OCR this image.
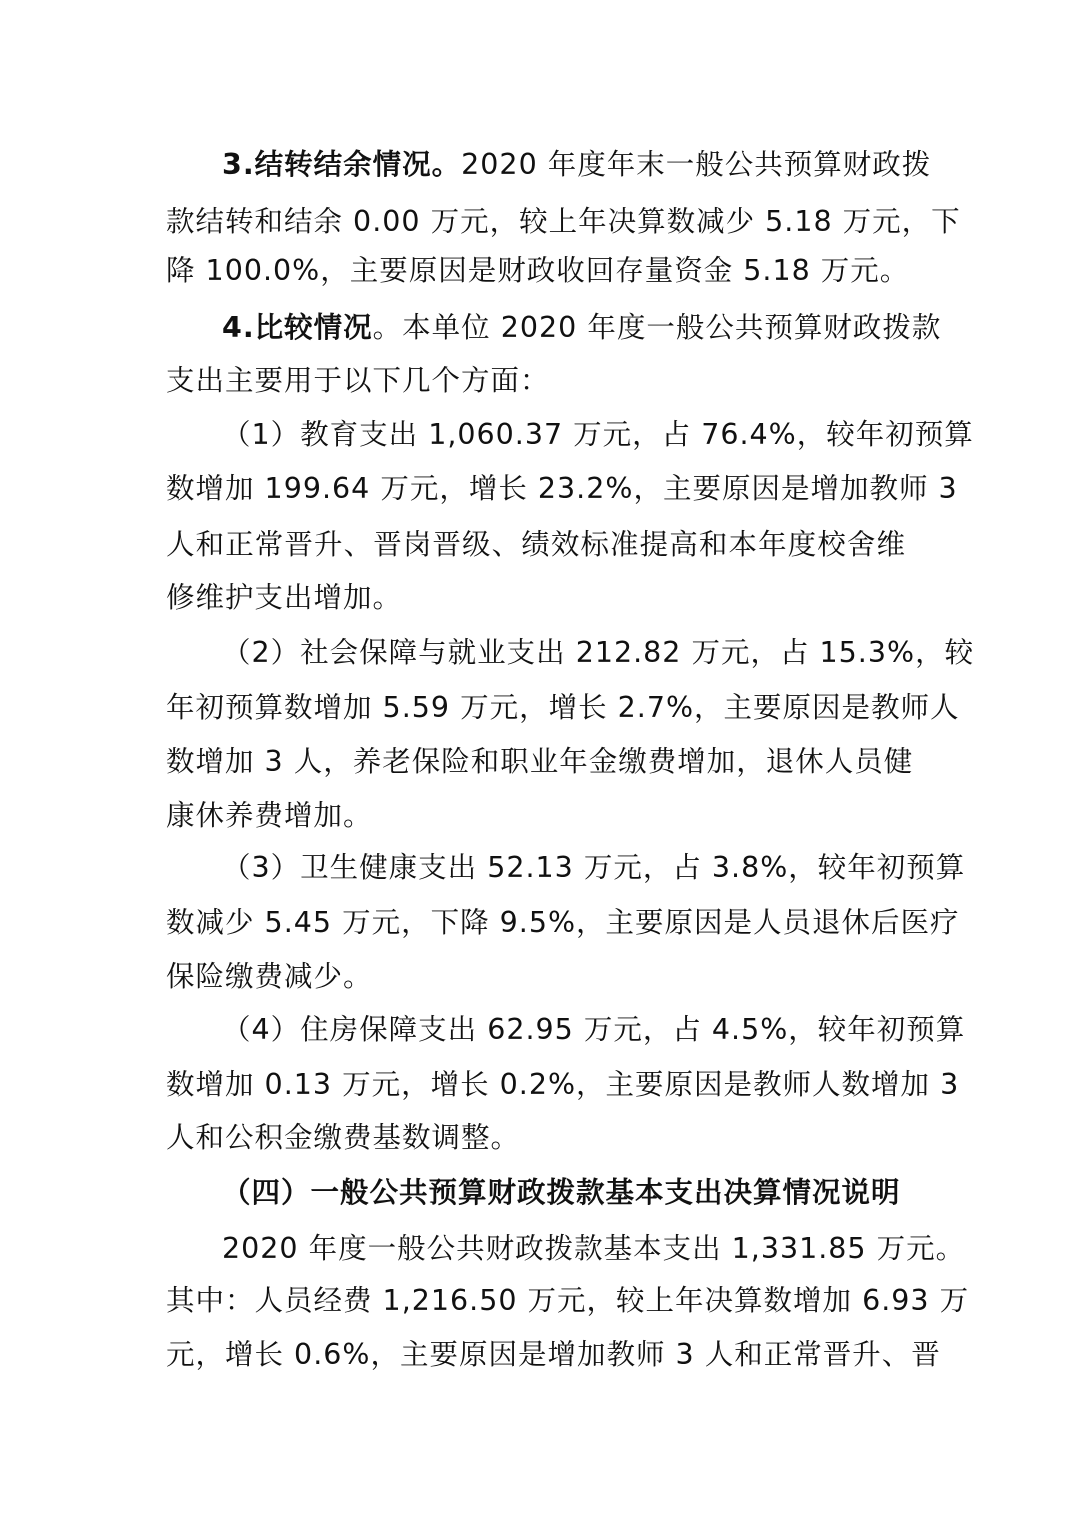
3.结转结余情况。2020 年度年末一般公共预算财政拨
款结转和结余 0.00 万元，较上年决算数减少 5.18 万元，下
降 100.0%，主要原因是财政收回存量资金 5.18 万元。
4.比较情况。本单位 2020 年度一般公共预算财政拨款
支出主要用于以下几个方面：
（1）教育支出 1,060.37 万元，占 76.4%，较年初预算
数增加 199.64 万元，增长 23.2%，主要原因是增加教师 3
人和正常晋升、晋岗晋级、绩效标准提高和本年度校舍维
修维护支出增加。
（2）社会保障与就业支出 212.82 万元，占 15.3%，较
年初预算数增加 5.59 万元，增长 2.7%，主要原因是教师人
数增加 3 人，养老保险和职业年金缴费增加，退休人员健
康休养费增加。
（3）卫生健康支出 52.13 万元，占 3.8%，较年初预算
数减少 5.45 万元，下降 9.5%，主要原因是人员退休后医疗
保险缴费减少。
（4）住房保障支出 62.95 万元，占 4.5%，较年初预算
数增加 0.13 万元，增长 0.2%，主要原因是教师人数增加 3
人和公积金缴费基数调整。
（四）一般公共预算财政拨款基本支出决算情况说明
2020 年度一般公共财政拨款基本支出 1,331.85 万元。
其中：人员经费 1,216.50 万元，较上年决算数增加 6.93 万
元，增长 0.6%，主要原因是增加教师 3 人和正常晋升、晋
